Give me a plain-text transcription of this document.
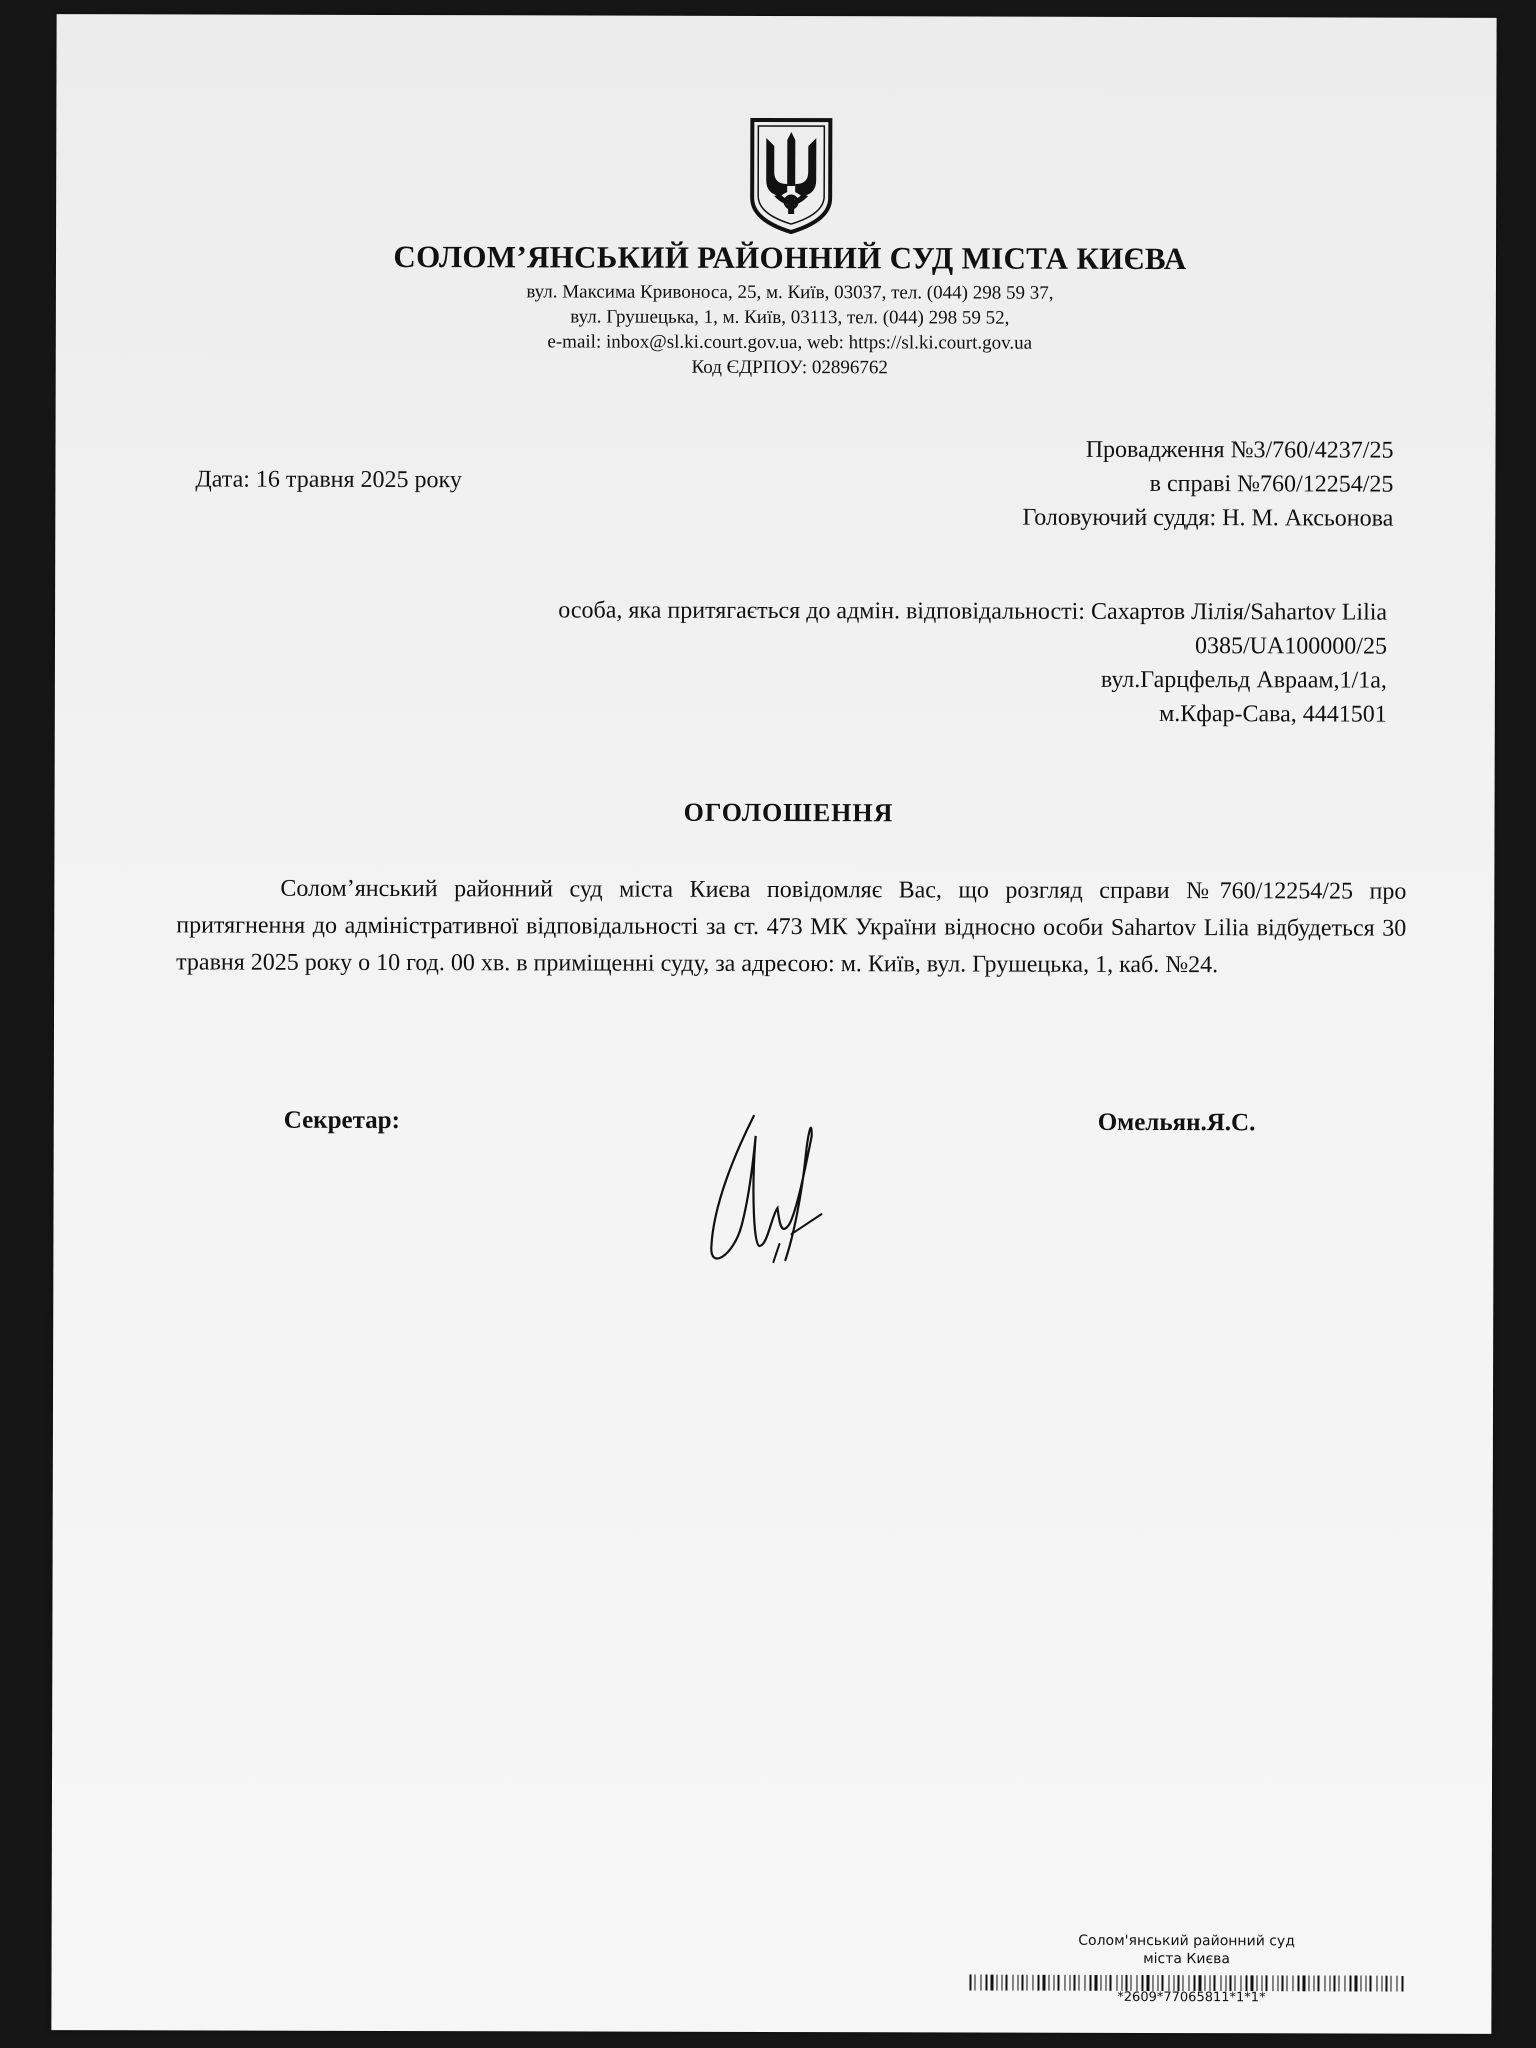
СОЛОМ’ЯНСЬКИЙ РАЙОННИЙ СУД МІСТА КИЄВА
вул. Максима Кривоноса, 25, м. Київ, 03037, тел. (044) 298 59 37,
вул. Грушецька, 1, м. Київ, 03113, тел. (044) 298 59 52,
e-mail: inbox@sl.ki.court.gov.ua, web: https://sl.ki.court.gov.ua
Код ЄДРПОУ: 02896762
Провадження №3/760/4237/25
в справі №760/12254/25
Головуючий суддя: Н. М. Аксьонова
Дата: 16 травня 2025 року
особа, яка притягається до адмін. відповідальності: Сахартов Лілія/Sahartov Lilia
0385/UA100000/25
вул.Гарцфельд Авраам,1/1а,
м.Кфар-Сава, 4441501
ОГОЛОШЕННЯ
Солом’янський районний суд міста Києва повідомляє Вас, що розгляд справи №760/12254/25 про притягнення до адміністративної відповідальності за ст. 473 МК України відносно особи Sahartov Lilia відбудеться 30 травня 2025 року о 10 год. 00 хв. в приміщенні суду, за адресою: м. Київ, вул. Грушецька, 1, каб. №24.
Секретар:	Омельян.Я.С.
Солом'янський районний суд
міста Києва
*2609*77065811*1*1*
